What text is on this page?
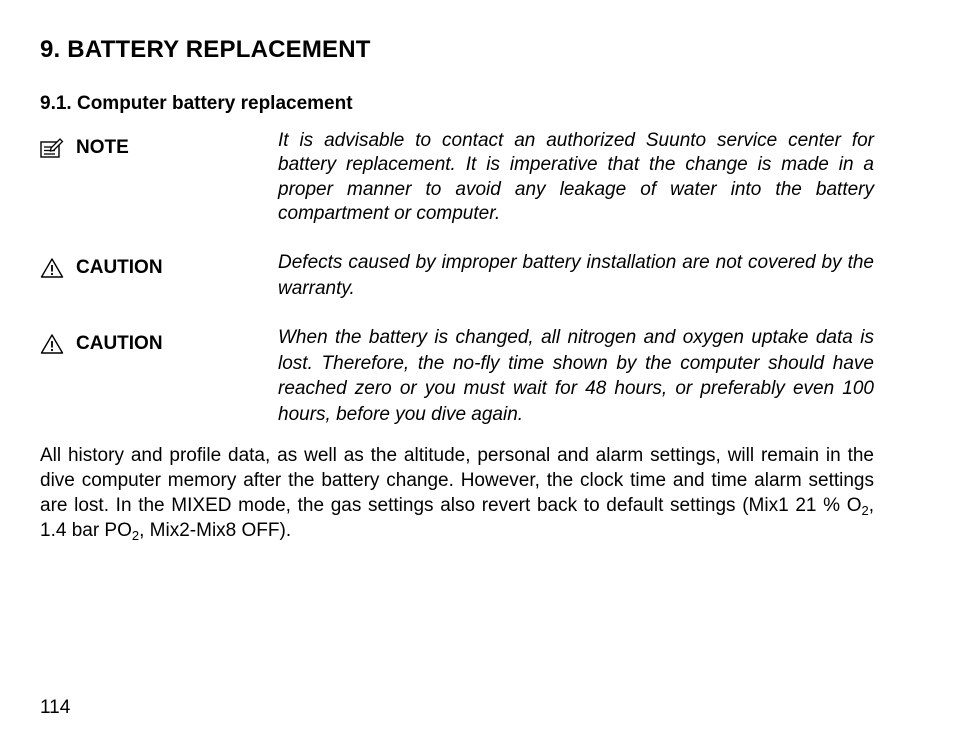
9. BATTERY REPLACEMENT
9.1. Computer battery replacement
NOTE	It is advisable to contact an authorized Suunto service center for battery replacement. It is imperative that the change is made in a proper manner to avoid any leakage of water into the battery compartment or computer.

CAUTION	Defects caused by improper battery installation are not covered by the warranty.

CAUTION	When the battery is changed, all nitrogen and oxygen uptake data is lost. Therefore, the no-fly time shown by the computer should have reached zero or you must wait for 48 hours, or preferably even 100 hours, before you dive again.

All history and profile data, as well as the altitude, personal and alarm settings, will remain in the dive computer memory after the battery change. However, the clock time and time alarm settings are lost. In the MIXED mode, the gas settings also revert back to default settings (Mix1 21 % $O_2$, 1.4 bar $PO_2$, Mix2-Mix8 OFF).

114
